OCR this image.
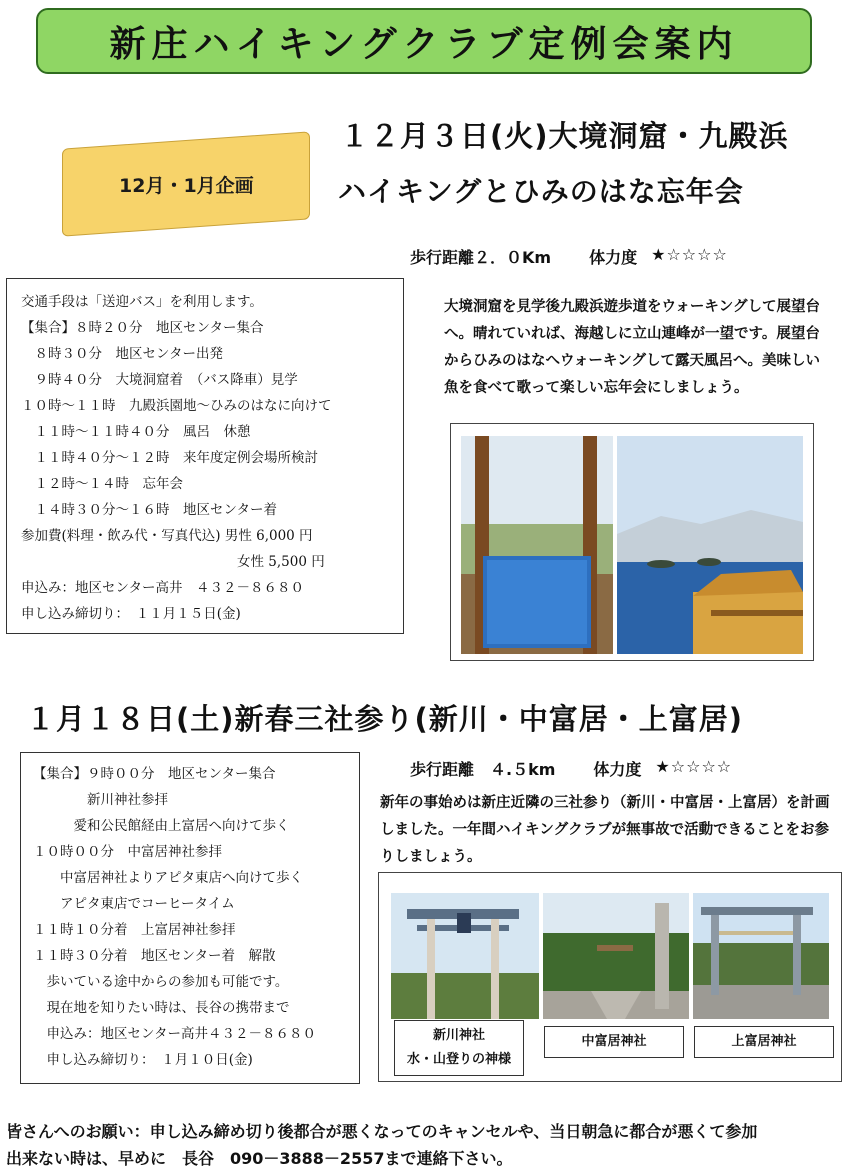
新庄ハイキングクラブ定例会案内
12月・1月企画
１２月３日(火)大境洞窟・九殿浜
ハイキングとひみのはな忘年会
歩行距離２．０Km 体力度 ★☆☆☆☆
交通手段は「送迎バス」を利用します。
【集合】８時２０分　地区センター集合
　８時３０分　地区センター出発
　９時４０分　大境洞窟着　（バス降車）見学
１０時～１１時　九殿浜園地～ひみのはなに向けて
　１１時～１１時４０分　風呂　休憩
　１１時４０分～１２時　来年度定例会場所検討
　１２時～１４時　忘年会
　１４時３０分～１６時　地区センター着
参加費(料理・飲み代・写真代込) 男性 6,000 円
　　　　　　　　　　　　　　　　女性 5,500 円
申込み：地区センター高井　４３２－８６８０
申し込み締切り：　１１月１５日(金)
大境洞窟を見学後九殿浜遊歩道をウォーキングして展望台へ。晴れていれば、海越しに立山連峰が一望です。展望台からひみのはなへウォーキングして露天風呂へ。美味しい魚を食べて歌って楽しい忘年会にしましょう。
１月１８日(土)新春三社参り(新川・中富居・上富居)
歩行距離　４.５km 体力度 ★☆☆☆☆
【集合】９時００分　地区センター集合
　　　　新川神社参拝
　　　愛和公民館経由上富居へ向けて歩く
１０時００分　中富居神社参拝
　　中富居神社よりアピタ東店へ向けて歩く
　　アピタ東店でコーヒータイム
１１時１０分着　上富居神社参拝
１１時３０分着　地区センター着　解散
　歩いている途中からの参加も可能です。
　現在地を知りたい時は、長谷の携帯まで
　申込み：地区センター高井４３２－８６８０
　申し込み締切り：　１月１０日(金)
新年の事始めは新庄近隣の三社参り（新川・中富居・上富居）を計画しました。一年間ハイキングクラブが無事故で活動できることをお参りしましょう。
新川神社
水・山登りの神様
中富居神社	上富居神社
皆さんへのお願い：申し込み締め切り後都合が悪くなってのキャンセルや、当日朝急に都合が悪くて参加
出来ない時は、早めに　長谷　090－3888－2557まで連絡下さい。
